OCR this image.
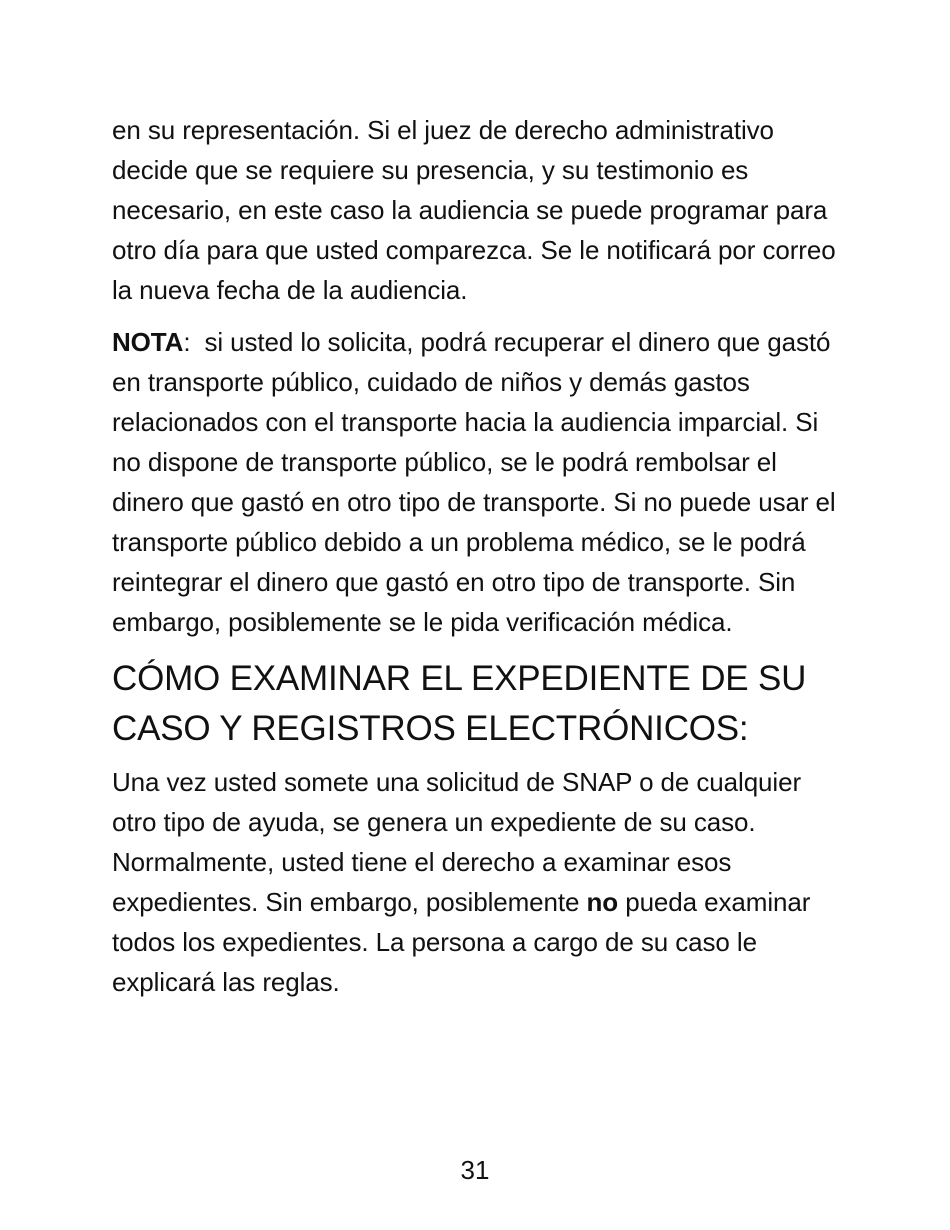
en su representación. Si el juez de derecho administrativo decide que se requiere su presencia, y su testimonio es necesario, en este caso la audiencia se puede programar para otro día para que usted comparezca. Se le notificará por correo la nueva fecha de la audiencia.

NOTA: si usted lo solicita, podrá recuperar el dinero que gastó en transporte público, cuidado de niños y demás gastos relacionados con el transporte hacia la audiencia imparcial. Si no dispone de transporte público, se le podrá rembolsar el dinero que gastó en otro tipo de transporte. Si no puede usar el transporte público debido a un problema médico, se le podrá reintegrar el dinero que gastó en otro tipo de transporte. Sin embargo, posiblemente se le pida verificación médica.

CÓMO EXAMINAR EL EXPEDIENTE DE SU CASO Y REGISTROS ELECTRÓNICOS:

Una vez usted somete una solicitud de SNAP o de cualquier otro tipo de ayuda, se genera un expediente de su caso. Normalmente, usted tiene el derecho a examinar esos expedientes. Sin embargo, posiblemente no pueda examinar todos los expedientes. La persona a cargo de su caso le explicará las reglas.

31
